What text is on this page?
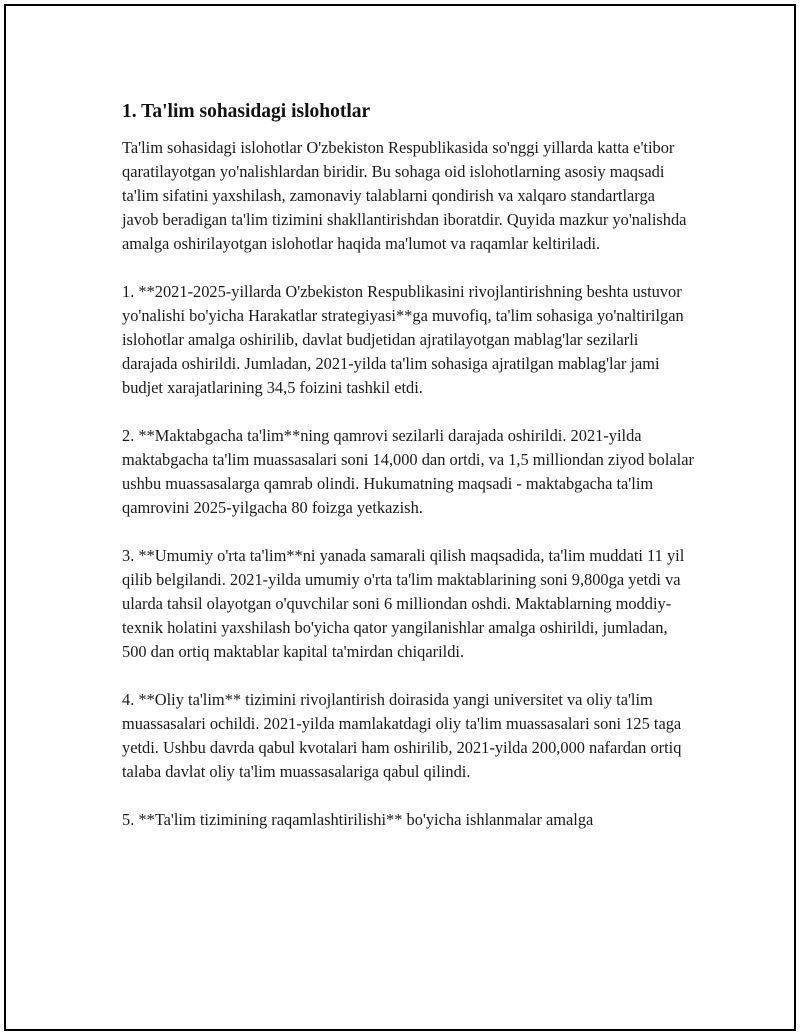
1. Ta'lim sohasidagi islohotlar

Ta'lim sohasidagi islohotlar O'zbekiston Respublikasida so'nggi yillarda katta e'tibor qaratilayotgan yo'nalishlardan biridir. Bu sohaga oid islohotlarning asosiy maqsadi ta'lim sifatini yaxshilash, zamonaviy talablarni qondirish va xalqaro standartlarga javob beradigan ta'lim tizimini shakllantirishdan iboratdir. Quyida mazkur yo'nalishda amalga oshirilayotgan islohotlar haqida ma'lumot va raqamlar keltiriladi.

1. **2021-2025-yillarda O'zbekiston Respublikasini rivojlantirishning beshta ustuvor yo'nalishi bo'yicha Harakatlar strategiyasi**ga muvofiq, ta'lim sohasiga yo'naltirilgan islohotlar amalga oshirilib, davlat budjetidan ajratilayotgan mablag'lar sezilarli darajada oshirildi. Jumladan, 2021-yilda ta'lim sohasiga ajratilgan mablag'lar jami budjet xarajatlarining 34,5 foizini tashkil etdi.

2. **Maktabgacha ta'lim**ning qamrovi sezilarli darajada oshirildi. 2021-yilda maktabgacha ta'lim muassasalari soni 14,000 dan ortdi, va 1,5 milliondan ziyod bolalar ushbu muassasalarga qamrab olindi. Hukumatning maqsadi - maktabgacha ta'lim qamrovini 2025-yilgacha 80 foizga yetkazish.

3. **Umumiy o'rta ta'lim**ni yanada samarali qilish maqsadida, ta'lim muddati 11 yil qilib belgilandi. 2021-yilda umumiy o'rta ta'lim maktablarining soni 9,800ga yetdi va ularda tahsil olayotgan o'quvchilar soni 6 milliondan oshdi. Maktablarning moddiy-texnik holatini yaxshilash bo'yicha qator yangilanishlar amalga oshirildi, jumladan, 500 dan ortiq maktablar kapital ta'mirdan chiqarildi.

4. **Oliy ta'lim** tizimini rivojlantirish doirasida yangi universitet va oliy ta'lim muassasalari ochildi. 2021-yilda mamlakatdagi oliy ta'lim muassasalari soni 125 taga yetdi. Ushbu davrda qabul kvotalari ham oshirilib, 2021-yilda 200,000 nafardan ortiq talaba davlat oliy ta'lim muassasalariga qabul qilindi.

5. **Ta'lim tizimining raqamlashtirilishi** bo'yicha ishlanmalar amalga
